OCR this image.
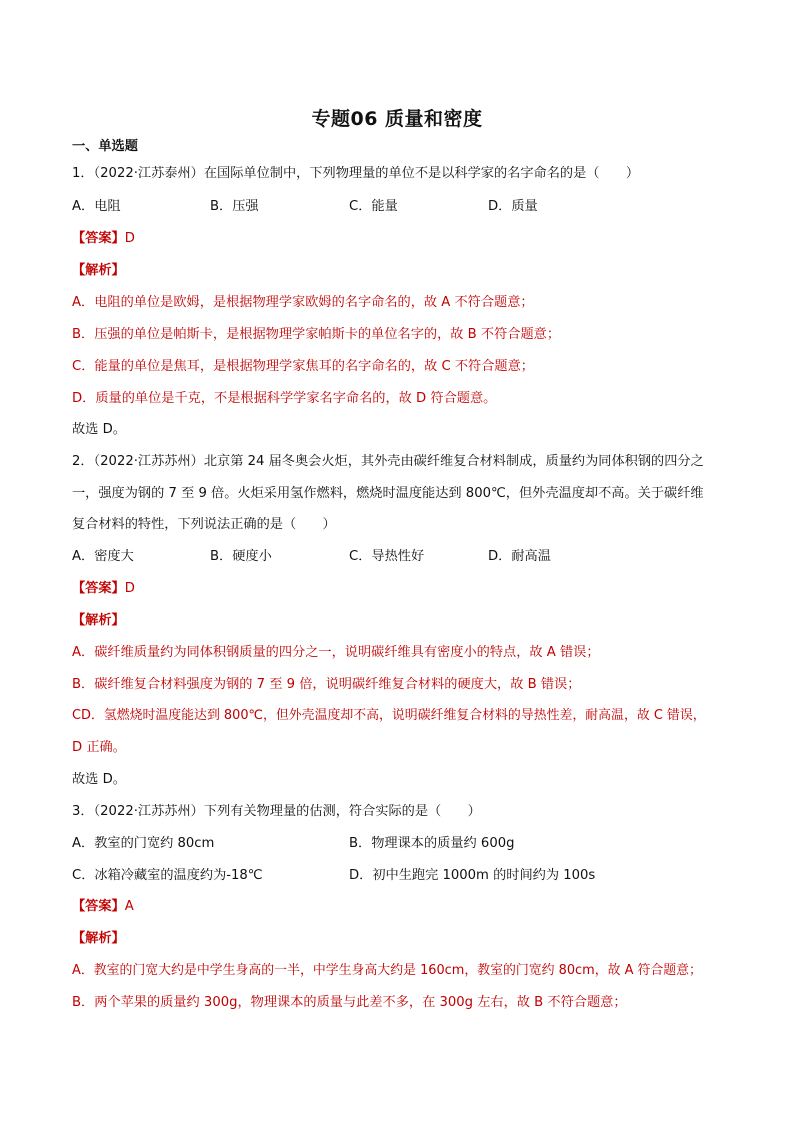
专题06 质量和密度
一、单选题
1．（2022·江苏泰州）在国际单位制中，下列物理量的单位不是以科学家的名字命名的是（　　）
A．电阻	B．压强	C．能量	D．质量
【答案】D
【解析】
A．电阻的单位是欧姆，是根据物理学家欧姆的名字命名的，故 A 不符合题意；
B．压强的单位是帕斯卡，是根据物理学家帕斯卡的单位名字的，故 B 不符合题意；
C．能量的单位是焦耳，是根据物理学家焦耳的名字命名的，故 C 不符合题意；
D．质量的单位是千克，不是根据科学学家名字命名的，故 D 符合题意。
故选 D。
2．（2022·江苏苏州）北京第 24 届冬奥会火炬，其外壳由碳纤维复合材料制成，质量约为同体积钢的四分之
一，强度为钢的 7 至 9 倍。火炬采用氢作燃料，燃烧时温度能达到 800℃，但外壳温度却不高。关于碳纤维
复合材料的特性，下列说法正确的是（　　）
A．密度大	B．硬度小	C．导热性好	D．耐高温
【答案】D
【解析】
A．碳纤维质量约为同体积钢质量的四分之一，说明碳纤维具有密度小的特点，故 A 错误；
B．碳纤维复合材料强度为钢的 7 至 9 倍，说明碳纤维复合材料的硬度大，故 B 错误；
CD．氢燃烧时温度能达到 800℃，但外壳温度却不高，说明碳纤维复合材料的导热性差，耐高温，故 C 错误，
D 正确。
故选 D。
3．（2022·江苏苏州）下列有关物理量的估测，符合实际的是（　　）
A．教室的门宽约 80cm	B．物理课本的质量约 600g
C．冰箱冷藏室的温度约为-18℃	D．初中生跑完 1000m 的时间约为 100s
【答案】A
【解析】
A．教室的门宽大约是中学生身高的一半，中学生身高大约是 160cm，教室的门宽约 80cm，故 A 符合题意；
B．两个苹果的质量约 300g，物理课本的质量与此差不多，在 300g 左右，故 B 不符合题意；
